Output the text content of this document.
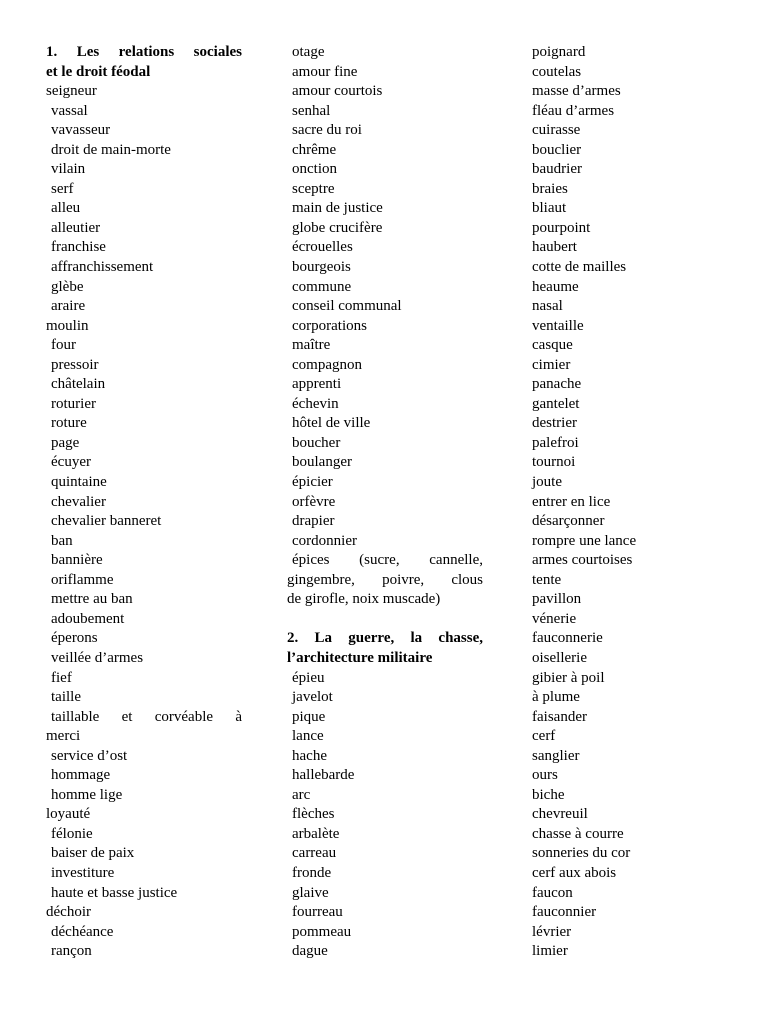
1. Les relations sociales
et le droit féodal
seigneur
vassal
vavasseur
droit de main-morte
vilain
serf
alleu
alleutier
franchise
affranchissement
glèbe
araire
moulin
four
pressoir
châtelain
roturier
roture
page
écuyer
quintaine
chevalier
chevalier banneret
ban
bannière
oriflamme
mettre au ban
adoubement
éperons
veillée d’armes
fief
taille
taillable et corvéable à
merci
service d’ost
hommage
homme lige
loyauté
félonie
baiser de paix
investiture
haute et basse justice
déchoir
déchéance
rançon
otage
amour fine
amour courtois
senhal
sacre du roi
chrême
onction
sceptre
main de justice
globe crucifère
écrouelles
bourgeois
commune
conseil communal
corporations
maître
compagnon
apprenti
échevin
hôtel de ville
boucher
boulanger
épicier
orfèvre
drapier
cordonnier
épices (sucre, cannelle,
gingembre, poivre, clous
de girofle, noix muscade)
2. La guerre, la chasse,
l’architecture militaire
épieu
javelot
pique
lance
hache
hallebarde
arc
flèches
arbalète
carreau
fronde
glaive
fourreau
pommeau
dague
poignard
coutelas
masse d’armes
fléau d’armes
cuirasse
bouclier
baudrier
braies
bliaut
pourpoint
haubert
cotte de mailles
heaume
nasal
ventaille
casque
cimier
panache
gantelet
destrier
palefroi
tournoi
joute
entrer en lice
désarçonner
rompre une lance
armes courtoises
tente
pavillon
vénerie
fauconnerie
oisellerie
gibier à poil
à plume
faisander
cerf
sanglier
ours
biche
chevreuil
chasse à courre
sonneries du cor
cerf aux abois
faucon
fauconnier
lévrier
limier
